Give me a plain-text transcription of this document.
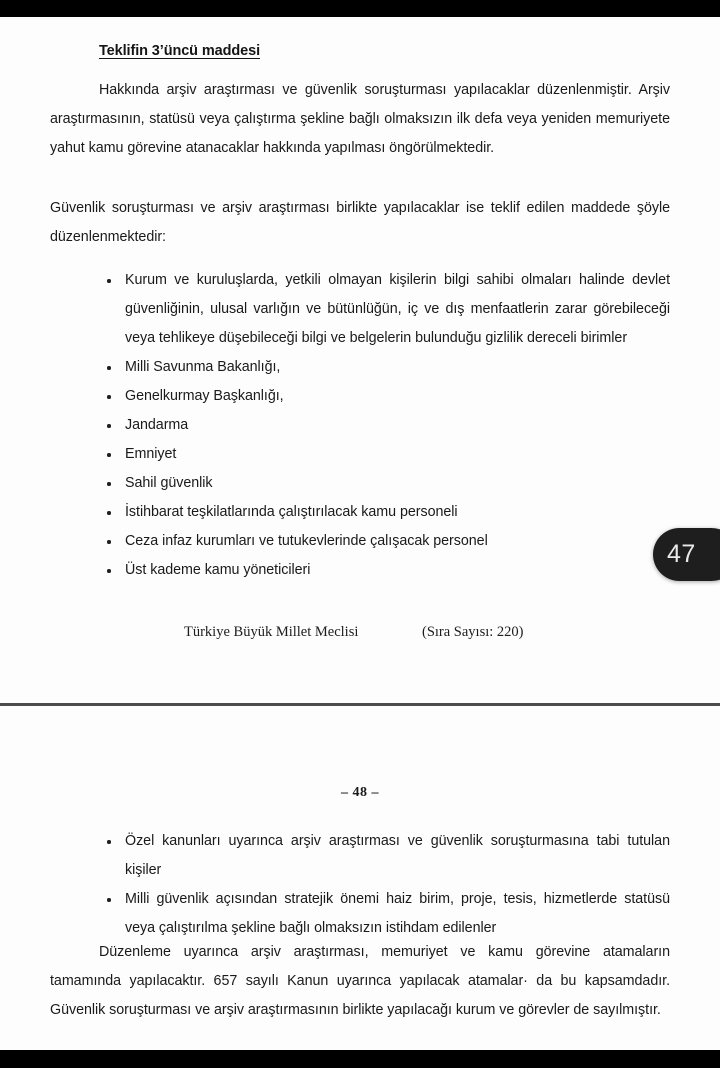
Teklifin 3’üncü maddesi
Hakkında arşiv araştırması ve güvenlik soruşturması yapılacaklar düzenlenmiştir. Arşiv araştırmasının, statüsü veya çalıştırma şekline bağlı olmaksızın ilk defa veya yeniden memuriyete yahut kamu görevine atanacaklar hakkında yapılması öngörülmektedir.
Güvenlik soruşturması ve arşiv araştırması birlikte yapılacaklar ise teklif edilen maddede şöyle düzenlenmektedir:
Kurum ve kuruluşlarda, yetkili olmayan kişilerin bilgi sahibi olmaları halinde devlet güvenliğinin, ulusal varlığın ve bütünlüğün, iç ve dış menfaatlerin zarar görebileceği veya tehlikeye düşebileceği bilgi ve belgelerin bulunduğu gizlilik dereceli birimler
Milli Savunma Bakanlığı,
Genelkurmay Başkanlığı,
Jandarma
Emniyet
Sahil güvenlik
İstihbarat teşkilatlarında çalıştırılacak kamu personeli
Ceza infaz kurumları ve tutukevlerinde çalışacak personel
Üst kademe kamu yöneticileri
Türkiye Büyük Millet Meclisi	(Sıra Sayısı: 220)
– 48 –
Özel kanunları uyarınca arşiv araştırması ve güvenlik soruşturmasına tabi tutulan kişiler
Milli güvenlik açısından stratejik önemi haiz birim, proje, tesis, hizmetlerde statüsü veya çalıştırılma şekline bağlı olmaksızın istihdam edilenler
Düzenleme uyarınca arşiv araştırması, memuriyet ve kamu görevine atamaların tamamında yapılacaktır. 657 sayılı Kanun uyarınca yapılacak atamalar· da bu kapsamdadır. Güvenlik soruşturması ve arşiv araştırmasının birlikte yapılacağı kurum ve görevler de sayılmıştır.
47
